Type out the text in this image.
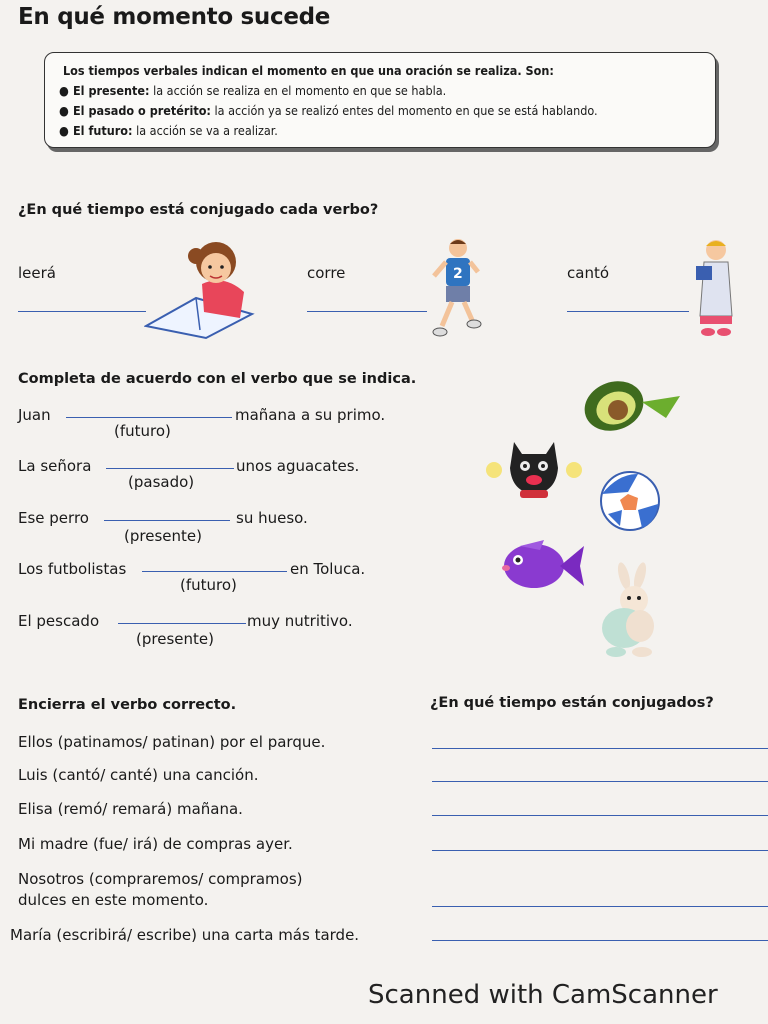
En qué momento sucede
Los tiempos verbales indican el momento en que una oración se realiza. Son:
● El presente: la acción se realiza en el momento en que se habla.
● El pasado o pretérito: la acción ya se realizó entes del momento en que se está hablando.
● El futuro: la acción se va a realizar.
¿En qué tiempo está conjugado cada verbo?
leerá	corre	cantó
2
Completa de acuerdo con el verbo que se indica.
Juan	mañana a su primo.
(futuro)
La señora	unos aguacates.
(pasado)
Ese perro	su hueso.
(presente)
Los futbolistas	en Toluca.
(futuro)
El pescado	muy nutritivo.
(presente)
Encierra el verbo correcto.	¿En qué tiempo están conjugados?
Ellos (patinamos/ patinan) por el parque.
Luis (cantó/ canté) una canción.
Elisa (remó/ remará) mañana.
Mi madre (fue/ irá) de compras ayer.
Nosotros (compraremos/ compramos)
dulces en este momento.
María (escribirá/ escribe) una carta más tarde.
Scanned with CamScanner
